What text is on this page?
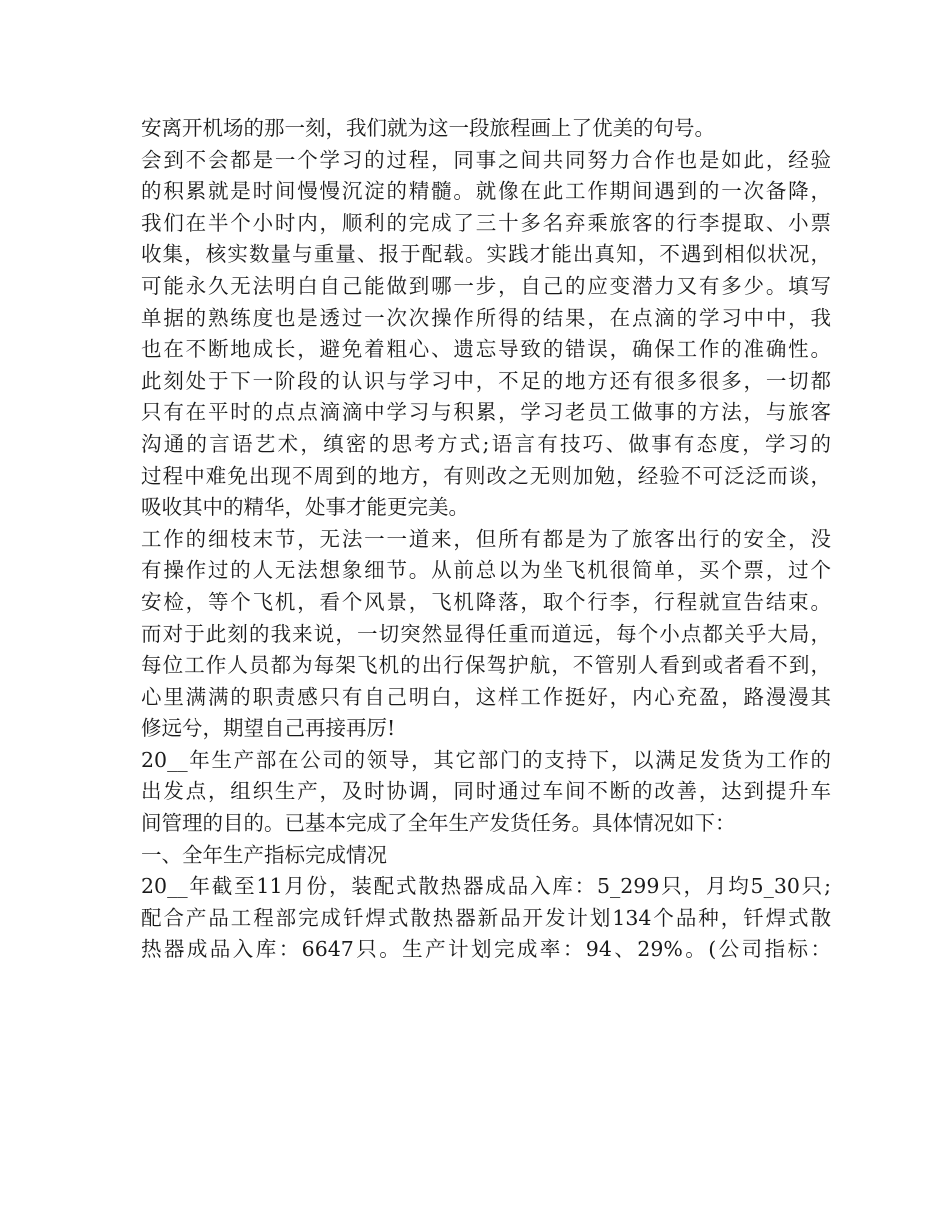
安离开机场的那一刻，我们就为这一段旅程画上了优美的句号。
会到不会都是一个学习的过程，同事之间共同努力合作也是如此，经验
的积累就是时间慢慢沉淀的精髓。就像在此工作期间遇到的一次备降，
我们在半个小时内，顺利的完成了三十多名弃乘旅客的行李提取、小票
收集，核实数量与重量、报于配载。实践才能出真知，不遇到相似状况，
可能永久无法明白自己能做到哪一步，自己的应变潜力又有多少。填写
单据的熟练度也是透过一次次操作所得的结果，在点滴的学习中中，我
也在不断地成长，避免着粗心、遗忘导致的错误，确保工作的准确性。
此刻处于下一阶段的认识与学习中，不足的地方还有很多很多，一切都
只有在平时的点点滴滴中学习与积累，学习老员工做事的方法，与旅客
沟通的言语艺术，缜密的思考方式;语言有技巧、做事有态度，学习的
过程中难免出现不周到的地方，有则改之无则加勉，经验不可泛泛而谈，
吸收其中的精华，处事才能更完美。
工作的细枝末节，无法一一道来，但所有都是为了旅客出行的安全，没
有操作过的人无法想象细节。从前总以为坐飞机很简单，买个票，过个
安检，等个飞机，看个风景，飞机降落，取个行李，行程就宣告结束。
而对于此刻的我来说，一切突然显得任重而道远，每个小点都关乎大局，
每位工作人员都为每架飞机的出行保驾护航，不管别人看到或者看不到，
心里满满的职责感只有自己明白，这样工作挺好，内心充盈，路漫漫其
修远兮，期望自己再接再厉!
20__年生产部在公司的领导，其它部门的支持下，以满足发货为工作的
出发点，组织生产，及时协调，同时通过车间不断的改善，达到提升车
间管理的目的。已基本完成了全年生产发货任务。具体情况如下：
一、全年生产指标完成情况
20__年截至11月份，装配式散热器成品入库：5_299只，月均5_30只;
配合产品工程部完成钎焊式散热器新品开发计划134个品种，钎焊式散
热器成品入库：6647只。生产计划完成率：94、29%。(公司指标：
